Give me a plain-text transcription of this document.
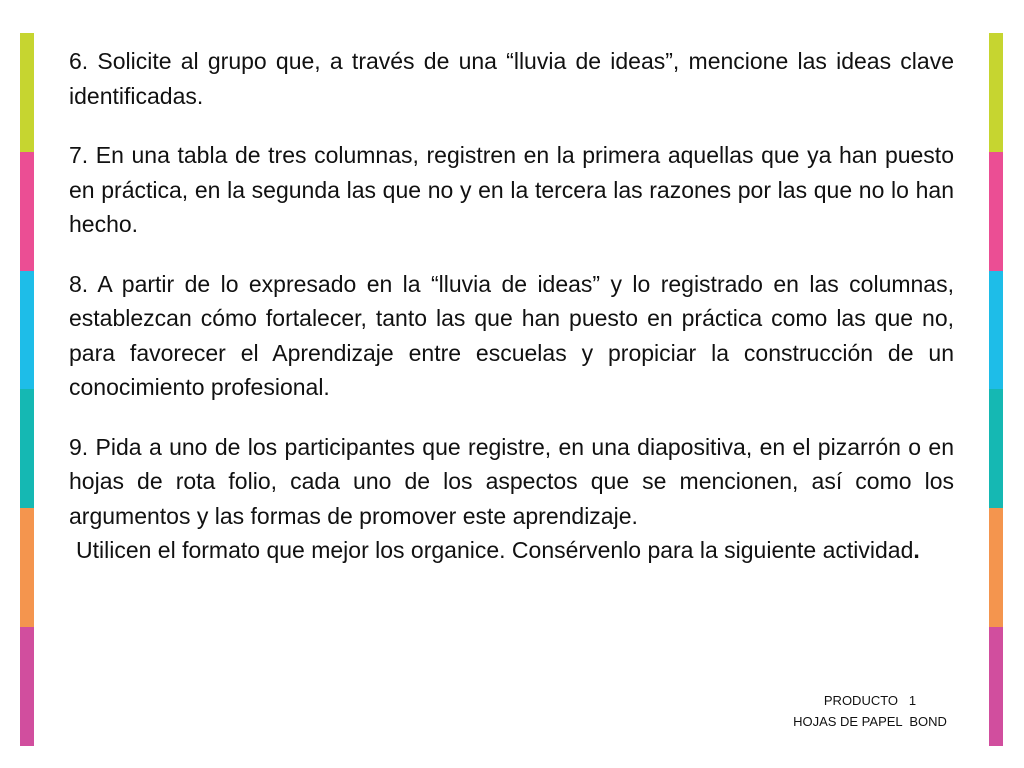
6. Solicite al grupo que, a través de una “lluvia de ideas”, mencione las ideas clave identificadas.

7. En una tabla de tres columnas, registren en la primera aquellas que ya han puesto en práctica, en la segunda las que no y en la tercera las razones por las que no lo han hecho.

8. A partir de lo expresado en la “lluvia de ideas” y lo registrado en las columnas, establezcan cómo fortalecer, tanto las que han puesto en práctica como las que no, para favorecer el Aprendizaje entre escuelas y propiciar la construcción de un conocimiento profesional.

9. Pida a uno de los participantes que registre, en una diapositiva, en el pizarrón o en hojas de rota folio, cada uno de los aspectos que se mencionen, así como los argumentos y las formas de promover este aprendizaje.
Utilicen el formato que mejor los organice. Consérvenlo para la siguiente actividad.

PRODUCTO   1
HOJAS DE PAPEL  BOND
